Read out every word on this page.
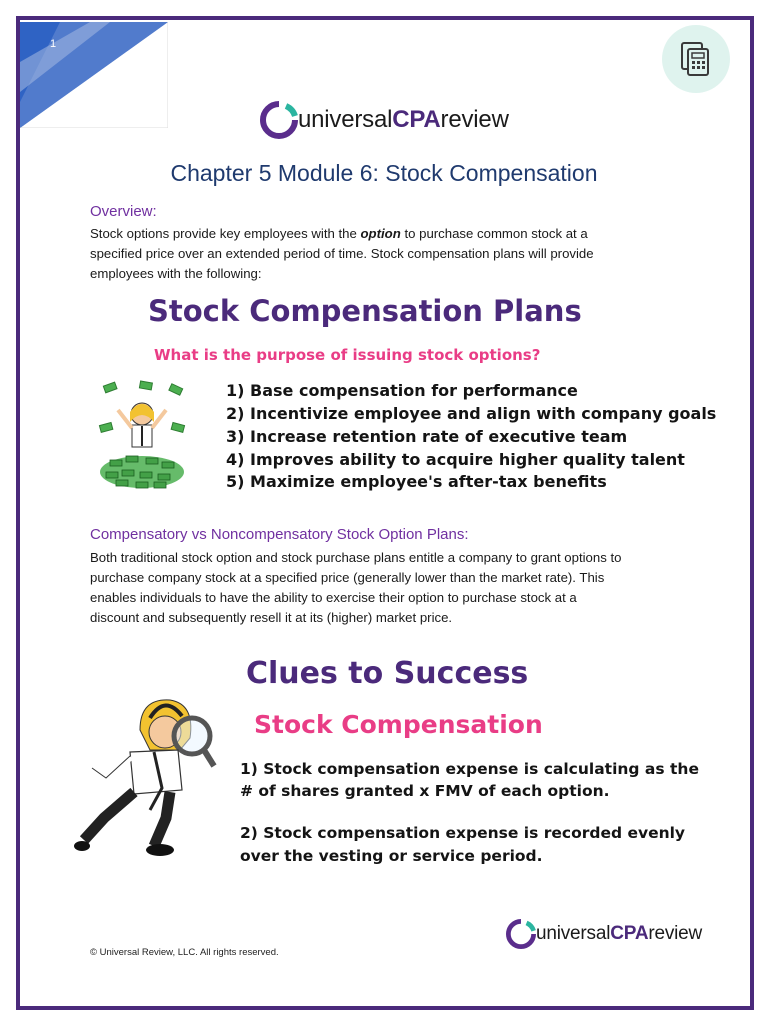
1
universalCPAreview
Chapter 5 Module 6: Stock Compensation
Overview:
Stock options provide key employees with the option to purchase common stock at a
specified price over an extended period of time. Stock compensation plans will provide
employees with the following:
Stock Compensation Plans
What is the purpose of issuing stock options?
1) Base compensation for performance
2) Incentivize employee and align with company goals
3) Increase retention rate of executive team
4) Improves ability to acquire higher quality talent
5) Maximize employee's after-tax benefits
Compensatory vs Noncompensatory Stock Option Plans:
Both traditional stock option and stock purchase plans entitle a company to grant options to
purchase company stock at a specified price (generally lower than the market rate). This
enables individuals to have the ability to exercise their option to purchase stock at a
discount and subsequently resell it at its (higher) market price.
Clues to Success
Stock Compensation
1) Stock compensation expense is calculating as the
# of shares granted x FMV of each option.
2) Stock compensation expense is recorded evenly
over the vesting or service period.
universalCPAreview
© Universal Review, LLC. All rights reserved.
